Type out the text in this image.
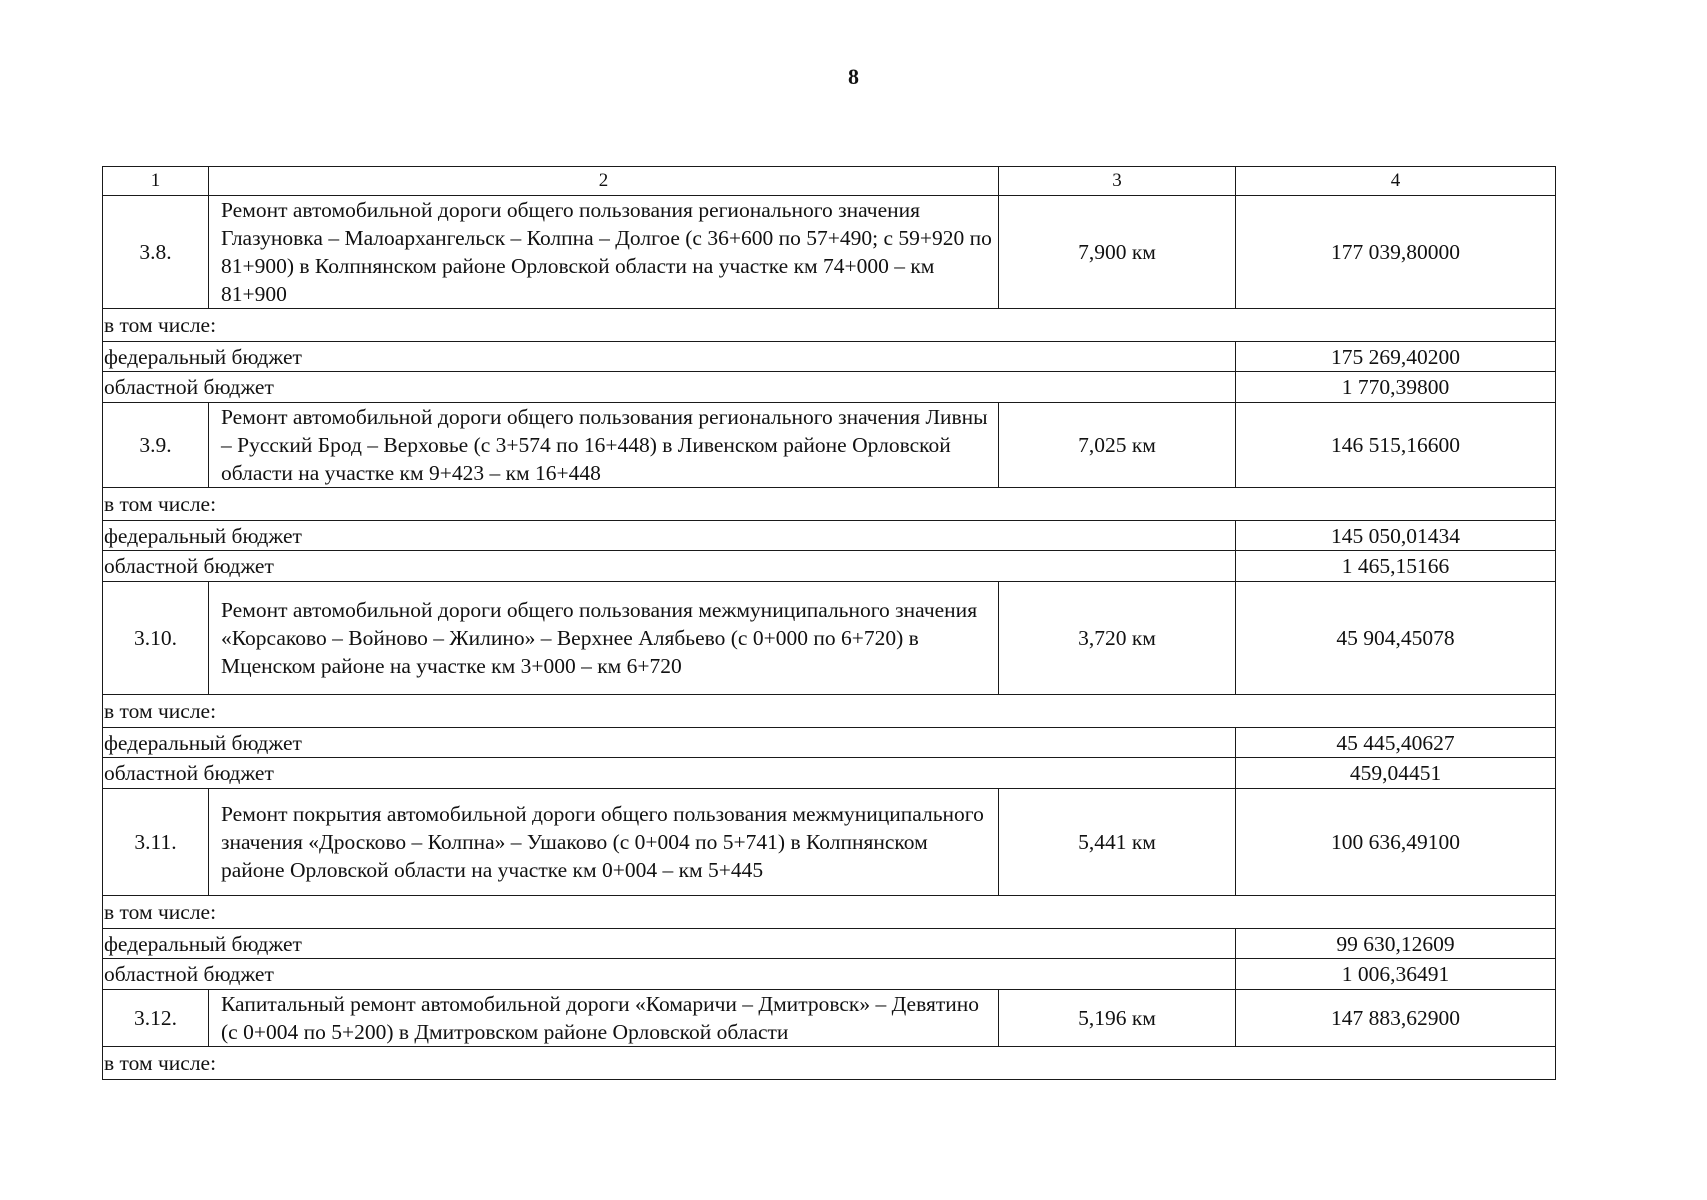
8
1	2	3	4
3.8.	Ремонт автомобильной дороги общего пользования регионального значения Глазуновка – Малоархангельск – Колпна – Долгое (с 36+600 по 57+490; с 59+920 по 81+900) в Колпнянском районе Орловской области на участке км 74+000 – км 81+900	7,900 км	177 039,80000
в том числе:			
федеральный бюджет			175 269,40200
областной бюджет			1 770,39800
3.9.	Ремонт автомобильной дороги общего пользования регионального значения Ливны – Русский Брод – Верховье (с 3+574 по 16+448) в Ливенском районе Орловской области на участке км 9+423 – км 16+448	7,025 км	146 515,16600
в том числе:			
федеральный бюджет			145 050,01434
областной бюджет			1 465,15166
3.10.	Ремонт автомобильной дороги общего пользования межмуниципального значения «Корсаково – Войново – Жилино» – Верхнее Алябьево (с 0+000 по 6+720) в Мценском районе на участке км 3+000 – км 6+720	3,720 км	45 904,45078
в том числе:			
федеральный бюджет			45 445,40627
областной бюджет			459,04451
3.11.	Ремонт покрытия автомобильной дороги общего пользования межмуниципального значения «Дросково – Колпна» – Ушаково (с 0+004 по 5+741) в Колпнянском районе Орловской области на участке км 0+004 – км 5+445	5,441 км	100 636,49100
в том числе:			
федеральный бюджет			99 630,12609
областной бюджет			1 006,36491
3.12.	Капитальный ремонт автомобильной дороги «Комаричи – Дмитровск» – Девятино (с 0+004 по 5+200) в Дмитровском районе Орловской области	5,196 км	147 883,62900
в том числе:			
